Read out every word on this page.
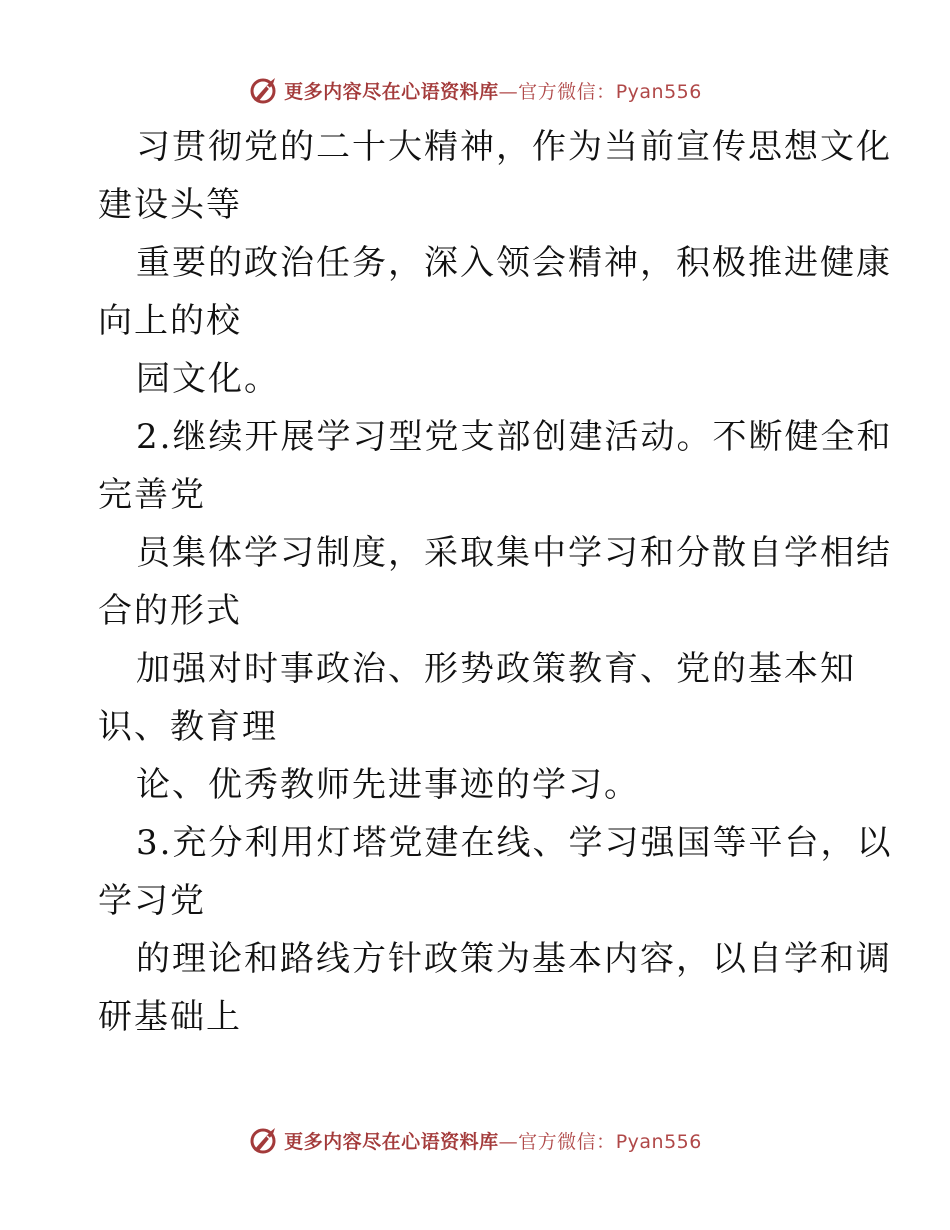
更多内容尽在心语资料库—官方微信：Pyan556
习贯彻党的二十大精神，作为当前宣传思想文化
建设头等
重要的政治任务，深入领会精神，积极推进健康
向上的校
园文化。
2.继续开展学习型党支部创建活动。不断健全和
完善党
员集体学习制度，采取集中学习和分散自学相结
合的形式
加强对时事政治、形势政策教育、党的基本知
识、教育理
论、优秀教师先进事迹的学习。
3.充分利用灯塔党建在线、学习强国等平台，以
学习党
的理论和路线方针政策为基本内容，以自学和调
研基础上
更多内容尽在心语资料库—官方微信：Pyan556
